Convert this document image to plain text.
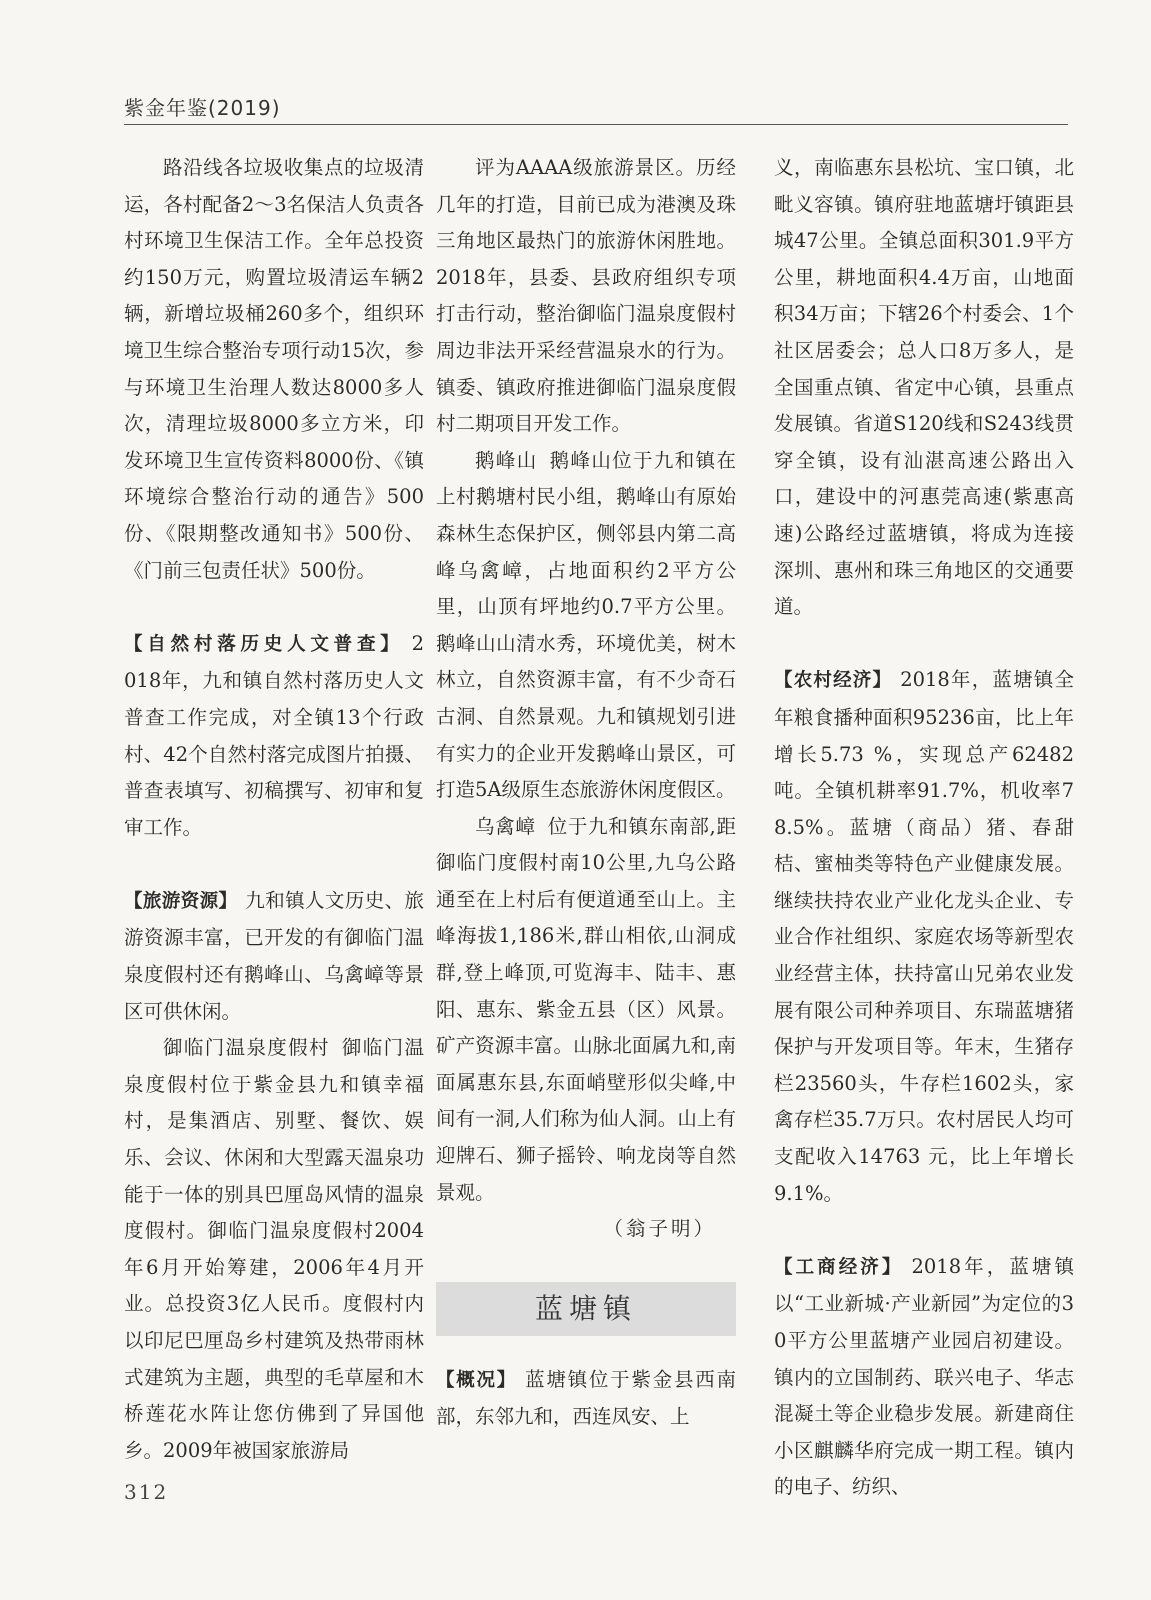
紫金年鉴(2019)

路沿线各垃圾收集点的垃圾清运，各村配备2～3名保洁人负责各村环境卫生保洁工作。全年总投资约150万元，购置垃圾清运车辆2辆，新增垃圾桶260多个，组织环境卫生综合整治专项行动15次，参与环境卫生治理人数达8000多人次，清理垃圾8000多立方米，印发环境卫生宣传资料8000份、《镇环境综合整治行动的通告》500份、《限期整改通知书》500份、《门前三包责任状》500份。

【自然村落历史人文普查】 2018年，九和镇自然村落历史人文普查工作完成，对全镇13个行政村、42个自然村落完成图片拍摄、普查表填写、初稿撰写、初审和复审工作。

【旅游资源】 九和镇人文历史、旅游资源丰富，已开发的有御临门温泉度假村还有鹅峰山、乌禽嶂等景区可供休闲。

御临门温泉度假村 御临门温泉度假村位于紫金县九和镇幸福村，是集酒店、别墅、餐饮、娱乐、会议、休闲和大型露天温泉功能于一体的别具巴厘岛风情的温泉度假村。御临门温泉度假村2004年6月开始筹建，2006年4月开业。总投资3亿人民币。度假村内以印尼巴厘岛乡村建筑及热带雨林式建筑为主题，典型的毛草屋和木桥莲花水阵让您仿佛到了异国他乡。2009年被国家旅游局

评为AAAA级旅游景区。历经几年的打造，目前已成为港澳及珠三角地区最热门的旅游休闲胜地。2018年，县委、县政府组织专项打击行动，整治御临门温泉度假村周边非法开采经营温泉水的行为。镇委、镇政府推进御临门温泉度假村二期项目开发工作。

鹅峰山 鹅峰山位于九和镇在上村鹅塘村民小组，鹅峰山有原始森林生态保护区，侧邻县内第二高峰乌禽嶂，占地面积约2平方公里，山顶有坪地约0.7平方公里。鹅峰山山清水秀，环境优美，树木林立，自然资源丰富，有不少奇石古洞、自然景观。九和镇规划引进有实力的企业开发鹅峰山景区，可打造5A级原生态旅游休闲度假区。

乌禽嶂 位于九和镇东南部,距御临门度假村南10公里,九乌公路通至在上村后有便道通至山上。主峰海拔1,186米,群山相依,山洞成群,登上峰顶,可览海丰、陆丰、惠阳、惠东、紫金五县（区）风景。矿产资源丰富。山脉北面属九和,南面属惠东县,东面峭壁形似尖峰,中间有一洞,人们称为仙人洞。山上有迎牌石、狮子摇铃、响龙岗等自然景观。

（翁子明）

蓝塘镇

【概况】 蓝塘镇位于紫金县西南部，东邻九和，西连凤安、上

义，南临惠东县松坑、宝口镇，北毗义容镇。镇府驻地蓝塘圩镇距县城47公里。全镇总面积301.9平方公里，耕地面积4.4万亩，山地面积34万亩；下辖26个村委会、1个社区居委会；总人口8万多人，是全国重点镇、省定中心镇，县重点发展镇。省道S120线和S243线贯穿全镇，设有汕湛高速公路出入口，建设中的河惠莞高速(紫惠高速)公路经过蓝塘镇，将成为连接深圳、惠州和珠三角地区的交通要道。

【农村经济】 2018年，蓝塘镇全年粮食播种面积95236亩，比上年增长5.73 %，实现总产62482吨。全镇机耕率91.7%，机收率78.5%。蓝塘（商品）猪、春甜桔、蜜柚类等特色产业健康发展。继续扶持农业产业化龙头企业、专业合作社组织、家庭农场等新型农业经营主体，扶持富山兄弟农业发展有限公司种养项目、东瑞蓝塘猪保护与开发项目等。年末，生猪存栏23560头，牛存栏1602头，家禽存栏35.7万只。农村居民人均可支配收入14763 元，比上年增长9.1%。

【工商经济】 2018年，蓝塘镇以“工业新城·产业新园”为定位的30平方公里蓝塘产业园启初建设。镇内的立国制药、联兴电子、华志混凝土等企业稳步发展。新建商住小区麒麟华府完成一期工程。镇内的电子、纺织、

312
